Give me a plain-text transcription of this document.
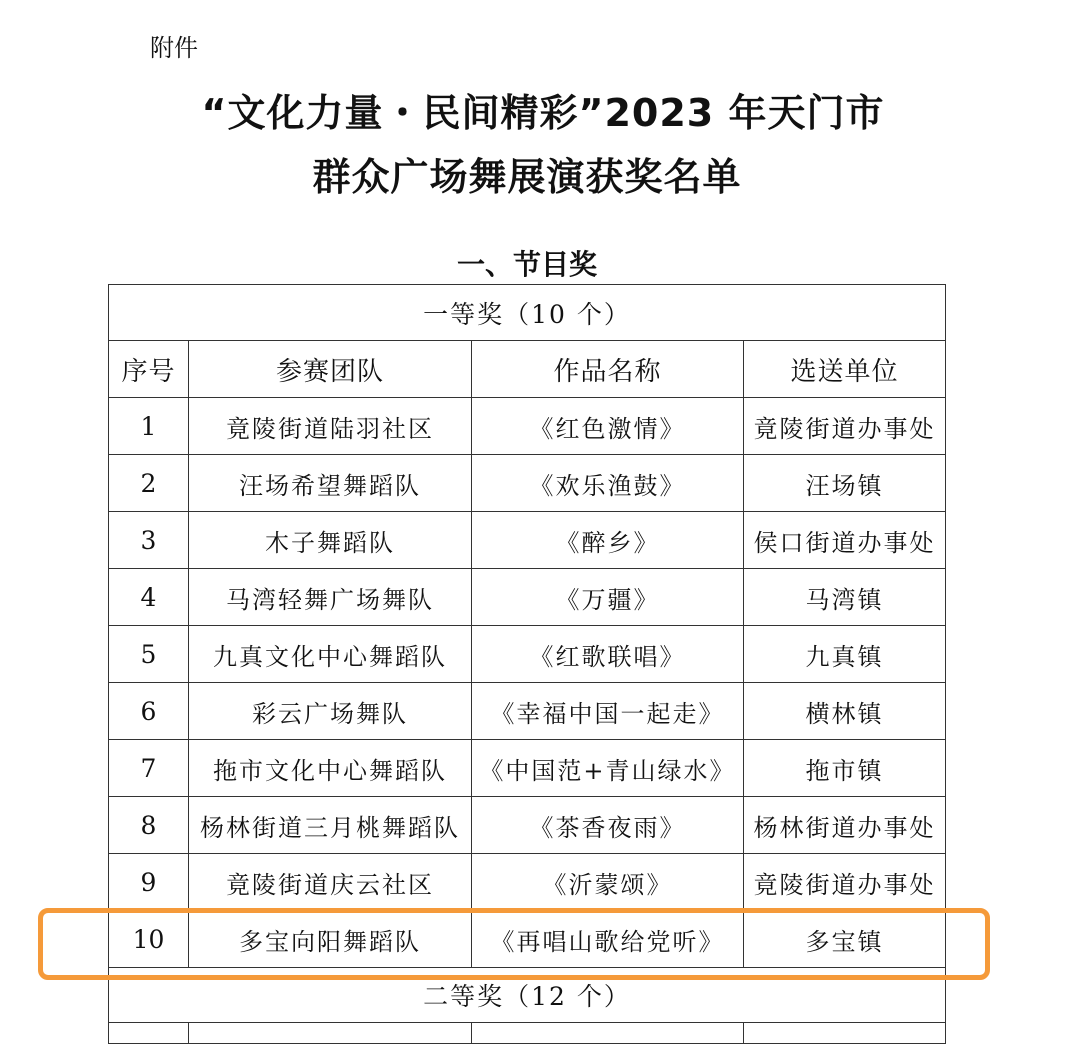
附件
“文化力量・民间精彩”2023 年天门市
群众广场舞展演获奖名单
一、节目奖
一等奖（10 个）			
序号	参赛团队	作品名称	选送单位
1	竟陵街道陆羽社区	《红色激情》	竟陵街道办事处
2	汪场希望舞蹈队	《欢乐渔鼓》	汪场镇
3	木子舞蹈队	《醉乡》	侯口街道办事处
4	马湾轻舞广场舞队	《万疆》	马湾镇
5	九真文化中心舞蹈队	《红歌联唱》	九真镇
6	彩云广场舞队	《幸福中国一起走》	横林镇
7	拖市文化中心舞蹈队	《中国范+青山绿水》	拖市镇
8	杨林街道三月桃舞蹈队	《茶香夜雨》	杨林街道办事处
9	竟陵街道庆云社区	《沂蒙颂》	竟陵街道办事处
10	多宝向阳舞蹈队	《再唱山歌给党听》	多宝镇
二等奖（12 个）			
